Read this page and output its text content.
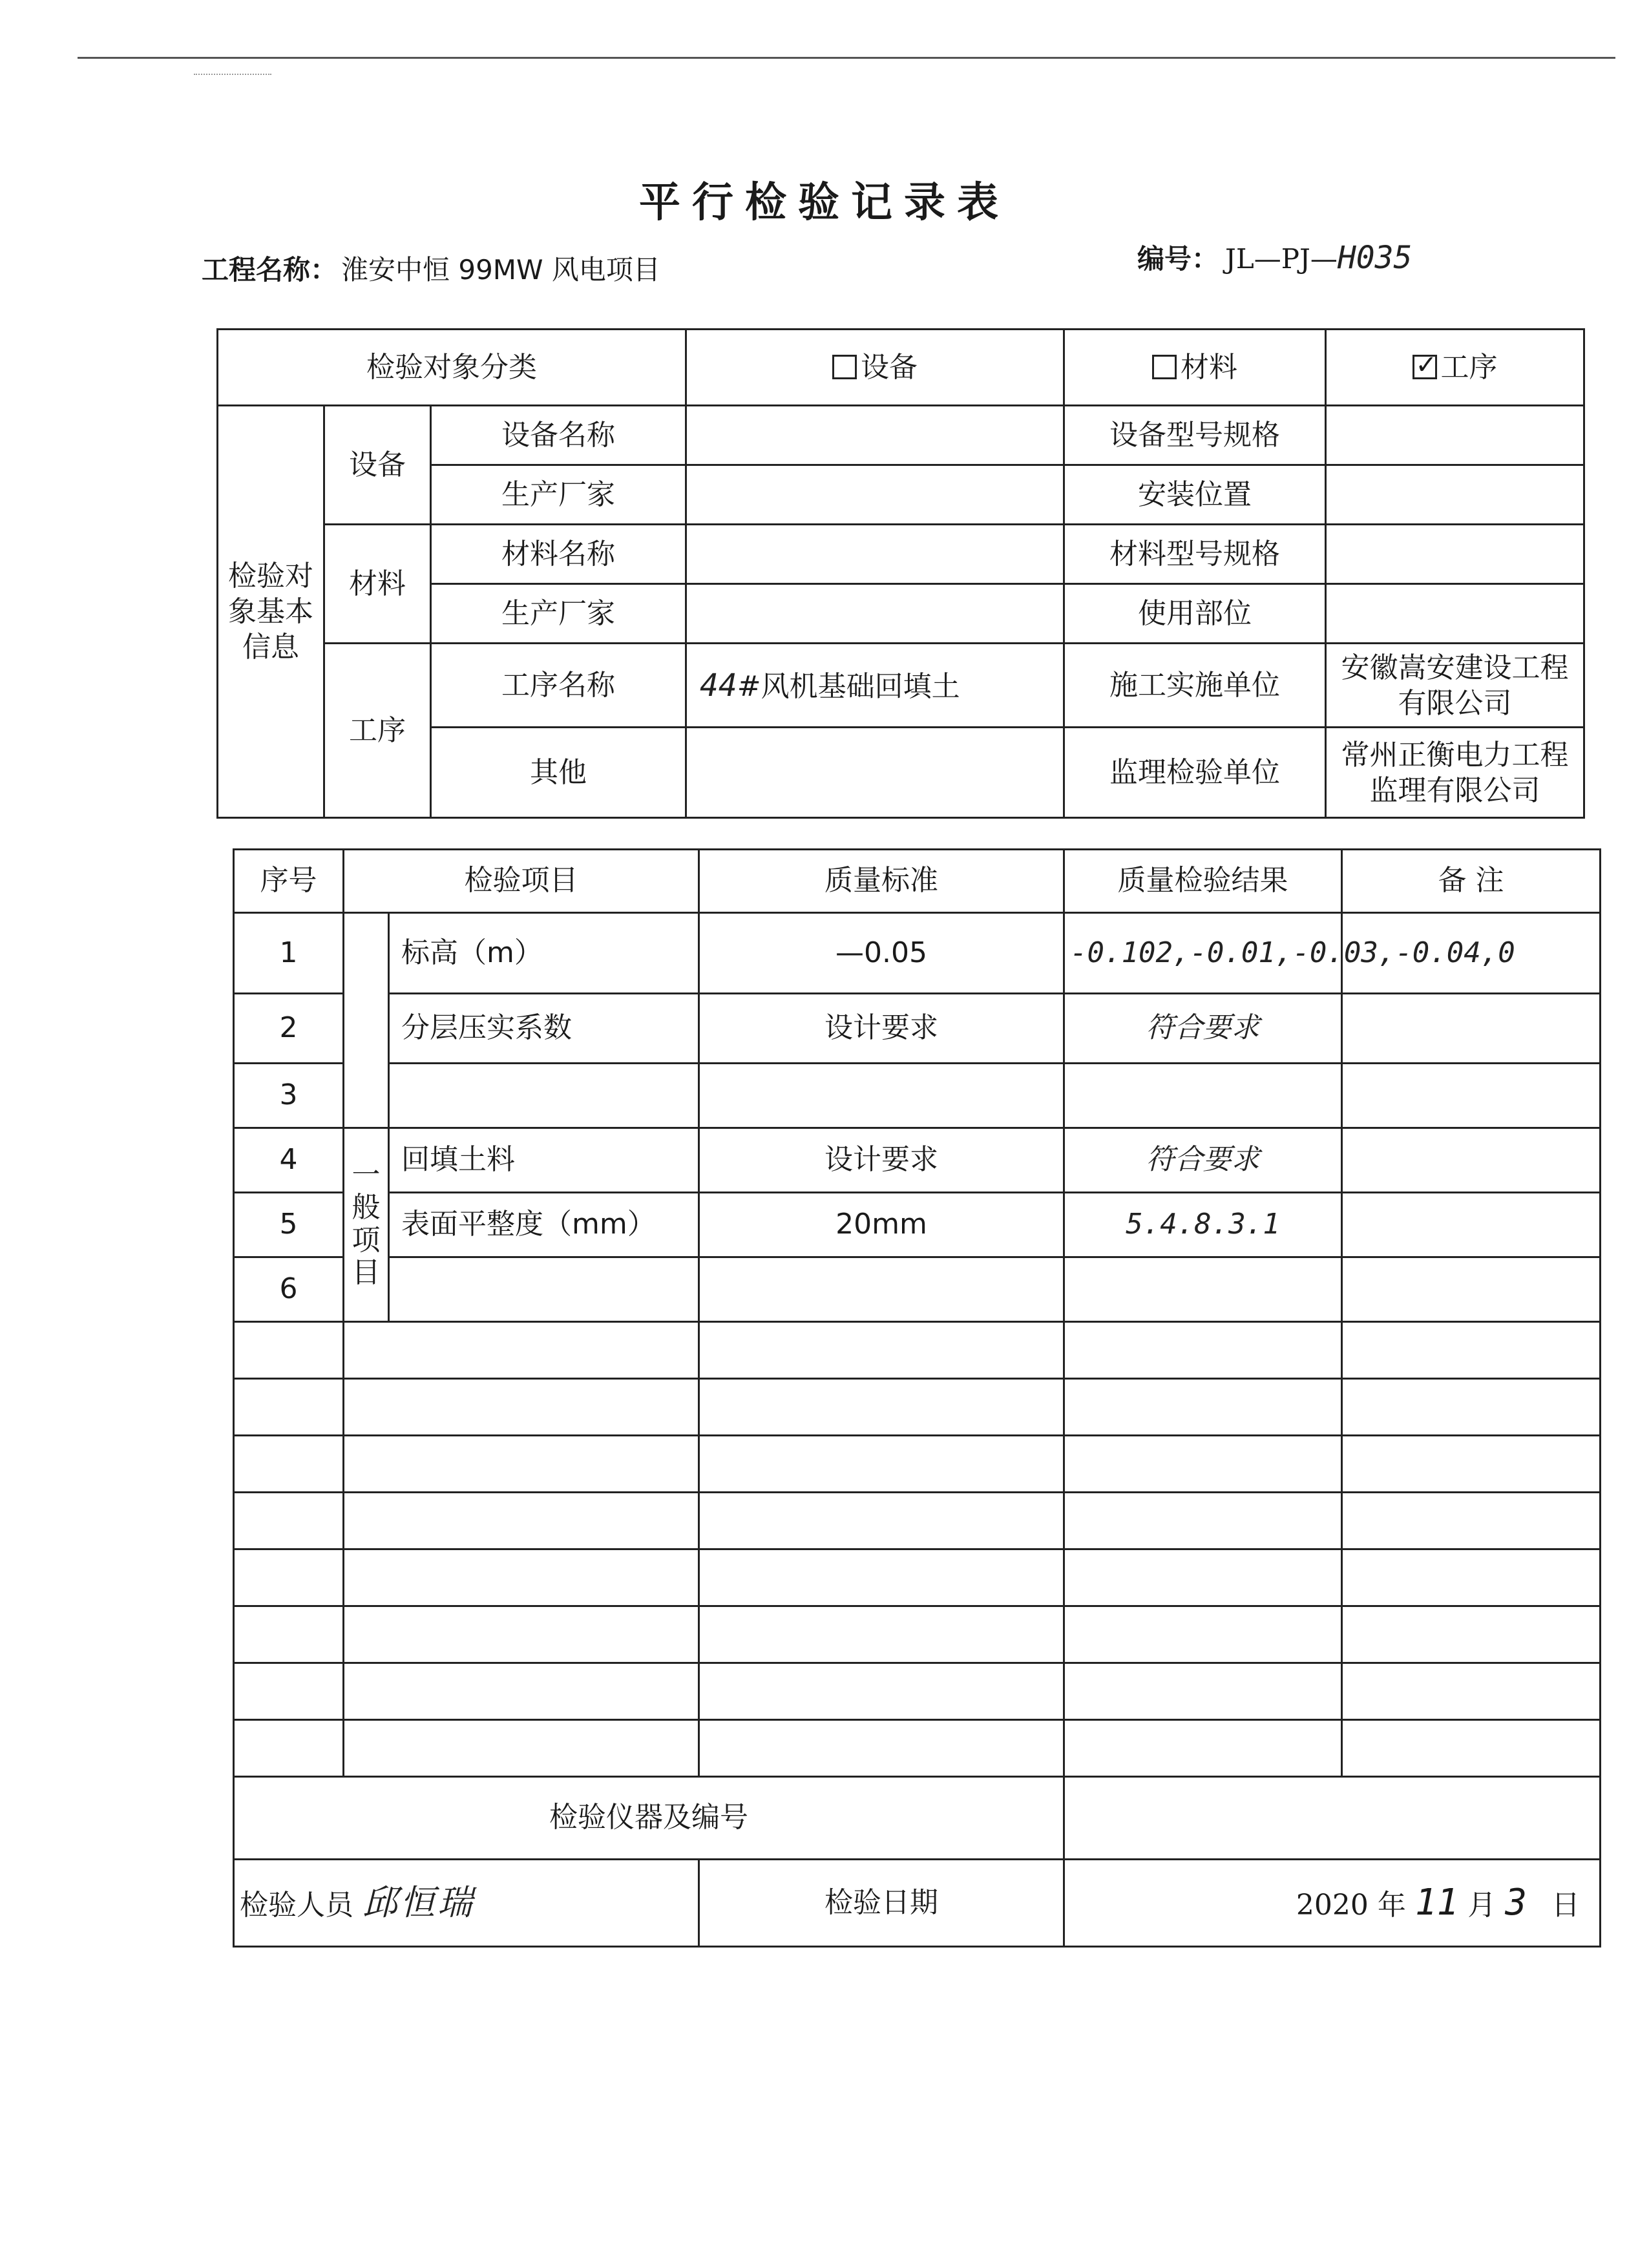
平行检验记录表
工程名称： 淮安中恒 99MW 风电项目	编号： JL—PJ—H035
检验对象分类			设备	材料	✓工序
检验对象基本信息	设备	设备名称		设备型号规格	
		生产厂家		安装位置	
	材料	材料名称		材料型号规格	
		生产厂家		使用部位	
	工序	工序名称	44#风机基础回填土	施工实施单位	安徽嵩安建设工程有限公司
		其他		监理检验单位	常州正衡电力工程监理有限公司
序号	检验项目		质量标准	质量检验结果	备 注
1		标高（m）	—0.05	-0.102,-0.01,-0.03,-0.04,0	
2		分层压实系数	设计要求	符合要求	
3					
4	一般项目	回填土料	设计要求	符合要求	
5		表面平整度（mm）	20mm	5.4.8.3.1	
6					

检验仪器及编号					
检验人员 邱恒瑞			检验日期	2020 年 11 月 3 日	
